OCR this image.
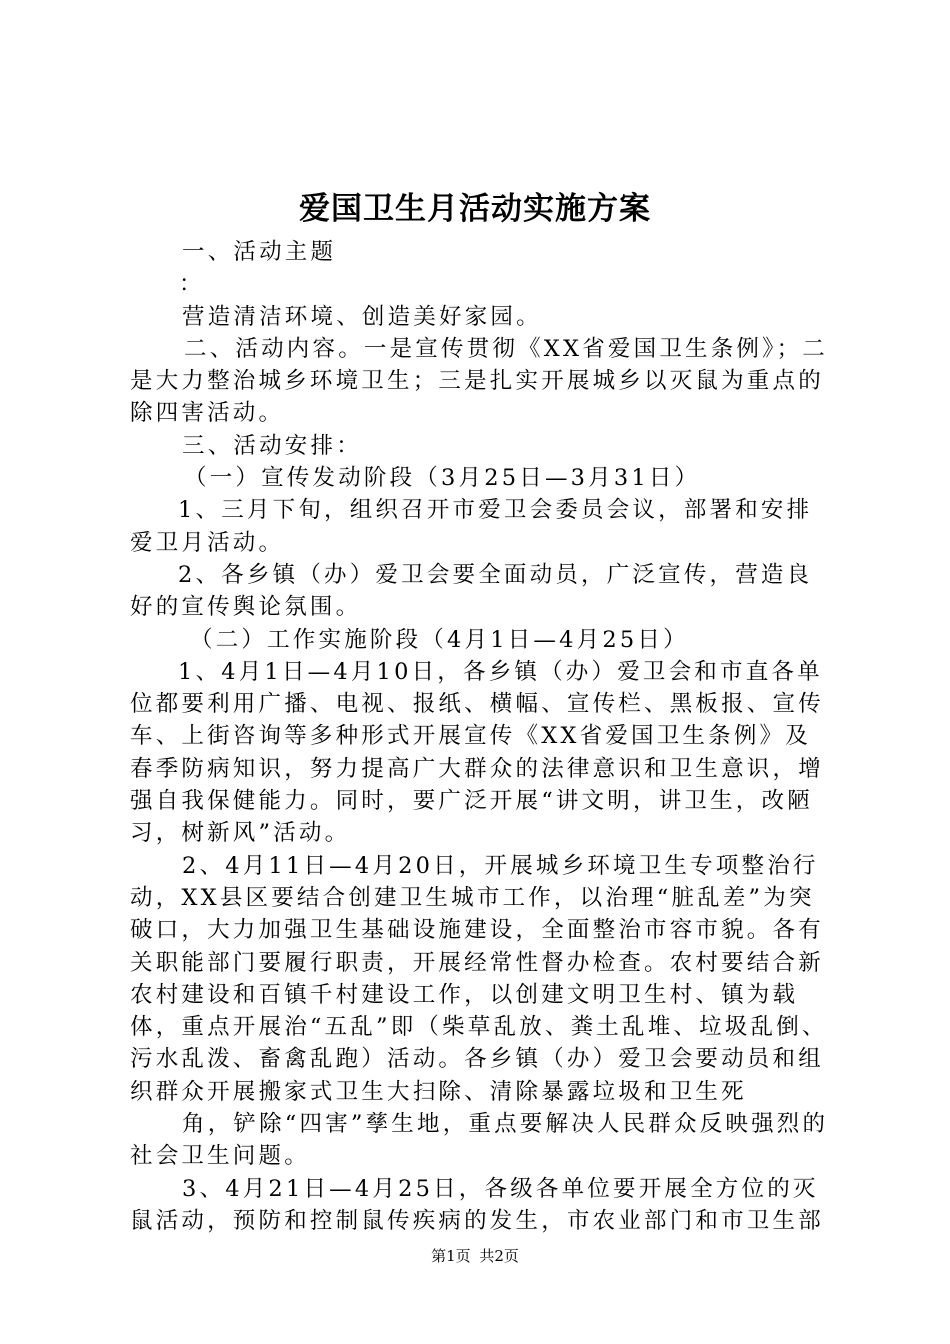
爱国卫生月活动实施方案

一、活动主题

：

营造清洁环境、创造美好家园。

二、活动内容。一是宣传贯彻《XX省爱国卫生条例》；二是大力整治城乡环境卫生；三是扎实开展城乡以灭鼠为重点的除四害活动。

三、活动安排：

（一）宣传发动阶段（3月25日—3月31日）

1、三月下旬，组织召开市爱卫会委员会议，部署和安排爱卫月活动。

2、各乡镇（办）爱卫会要全面动员，广泛宣传，营造良好的宣传舆论氛围。

（二）工作实施阶段（4月1日—4月25日）

1、4月1日—4月10日，各乡镇（办）爱卫会和市直各单位都要利用广播、电视、报纸、横幅、宣传栏、黑板报、宣传车、上街咨询等多种形式开展宣传《XX省爱国卫生条例》及春季防病知识，努力提高广大群众的法律意识和卫生意识，增强自我保健能力。同时，要广泛开展“讲文明，讲卫生，改陋习，树新风”活动。

2、4月11日—4月20日，开展城乡环境卫生专项整治行动，XX县区要结合创建卫生城市工作，以治理“脏乱差”为突破口，大力加强卫生基础设施建设，全面整治市容市貌。各有关职能部门要履行职责，开展经常性督办检查。农村要结合新农村建设和百镇千村建设工作，以创建文明卫生村、镇为载体，重点开展治“五乱”即（柴草乱放、粪土乱堆、垃圾乱倒、污水乱泼、畜禽乱跑）活动。各乡镇（办）爱卫会要动员和组织群众开展搬家式卫生大扫除、清除暴露垃圾和卫生死

角，铲除“四害”孳生地，重点要解决人民群众反映强烈的社会卫生问题。

3、4月21日—4月25日，各级各单位要开展全方位的灭鼠活动，预防和控制鼠传疾病的发生，市农业部门和市卫生部

第1页 共2页
